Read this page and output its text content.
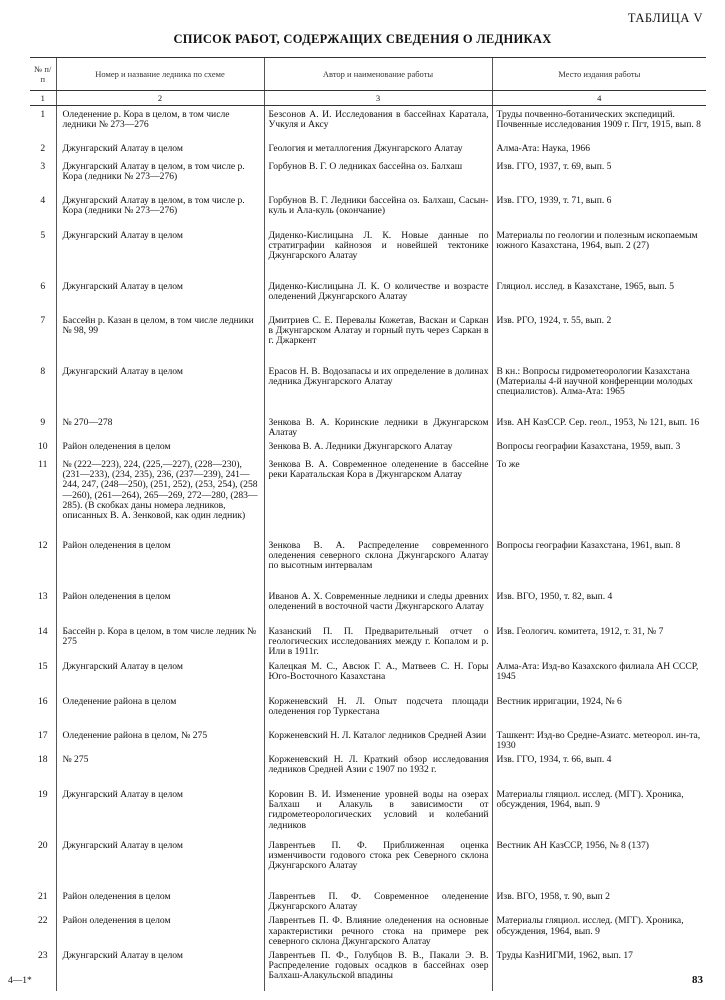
ТАБЛИЦА V
СПИСОК РАБОТ, СОДЕРЖАЩИХ СВЕДЕНИЯ О ЛЕДНИКАХ
№ п/п	Номер и название ледника по схеме	Автор и наименование работы	Место издания работы
1	2	3	4
1	Оледенение р. Кора в целом, в том числе ледники № 273—276	Безсонов А. И. Исследования в бассейнах Каратала, Учкуля и Аксу	Труды почвенно-ботанических экспедиций. Почвенные исследования 1909 г. Пгт, 1915, вып. 8
2	Джунгарский Алатау в целом	Геология и металлогения Джунгарского Алатау	Алма-Ата: Наука, 1966
3	Джунгарский Алатау в целом, в том числе р. Кора (ледники № 273—276)	Горбунов В. Г. О ледниках бассейна оз. Балхаш	Изв. ГГО, 1937, т. 69, вып. 5
4	Джунгарский Алатау в целом, в том числе р. Кора (ледники № 273—276)	Горбунов В. Г. Ледники бассейна оз. Балхаш, Сасын-куль и Ала-куль (окончание)	Изв. ГГО, 1939, т. 71, вып. 6
5	Джунгарский Алатау в целом	Диденко-Кислицына Л. К. Новые данные по стратиграфии кайнозоя и новейшей тектонике Джунгарского Алатау	Материалы по геологии и полезным ископаемым южного Казахстана, 1964, вып. 2 (27)
6	Джунгарский Алатау в целом	Диденко-Кислицына Л. К. О количестве и возрасте оледенений Джунгарского Алатау	Гляциол. исслед. в Казахстане, 1965, вып. 5
7	Бассейн р. Казан в целом, в том числе ледники № 98, 99	Дмитриев С. Е. Перевалы Кожетав, Васкан и Саркан в Джунгарском Алатау и горный путь через Саркан в г. Джаркент	Изв. РГО, 1924, т. 55, вып. 2
8	Джунгарский Алатау в целом	Ерасов Н. В. Водозапасы и их определение в долинах ледника Джунгарского Алатау	В кн.: Вопросы гидрометеорологии Казахстана (Материалы 4-й научной конференции молодых специалистов). Алма-Ата: 1965
9	№ 270—278	Зенкова В. А. Коринские ледники в Джунгарском Алатау	Изв. АН КазССР. Сер. геол., 1953, № 121, вып. 16
10	Район оледенения в целом	Зенкова В. А. Ледники Джунгарского Алатау	Вопросы географии Казахстана, 1959, вып. 3
11	№ (222—223), 224, (225,—227), (228—230), (231—233), (234, 235), 236, (237—239), 241—244, 247, (248—250), (251, 252), (253, 254), (258—260), (261—264), 265—269, 272—280, (283—285). (В скобках даны номера ледников, описанных В. А. Зенковой, как один ледник)	Зенкова В. А. Современное оледенение в бассейне реки Каратальская Кора в Джунгарском Алатау	То же
12	Район оледенения в целом	Зенкова В. А. Распределение современного оледенения северного склона Джунгарского Алатау по высотным интервалам	Вопросы географии Казахстана, 1961, вып. 8
13	Район оледенения в целом	Иванов А. Х. Современные ледники и следы древних оледенений в восточной части Джунгарского Алатау	Изв. ВГО, 1950, т. 82, вып. 4
14	Бассейн р. Кора в целом, в том числе ледник № 275	Казанский П. П. Предварительный отчет о геологических исследованиях между г. Копалом и р. Или в 1911г.	Изв. Геологич. комитета, 1912, т. 31, № 7
15	Джунгарский Алатау в целом	Калецкая М. С., Авсюк Г. А., Матвеев С. Н. Горы Юго-Восточного Казахстана	Алма-Ата: Изд-во Казахского филиала АН СССР, 1945
16	Оледенение района в целом	Корженевский Н. Л. Опыт подсчета площади оледенения гор Туркестана	Вестник ирригации, 1924, № 6
17	Оледенение района в целом, № 275	Корженевский Н. Л. Каталог ледников Средней Азии	Ташкент: Изд-во Средне-Азиатс. метеорол. ин-та, 1930
18	№ 275	Корженевский Н. Л. Краткий обзор исследования ледников Средней Азии с 1907 по 1932 г.	Изв. ГГО, 1934, т. 66, вып. 4
19	Джунгарский Алатау в целом	Коровин В. И. Изменение уровней воды на озерах Балхаш и Алакуль в зависимости от гидрометеорологических условий и колебаний ледников	Материалы гляциол. исслед. (МГГ). Хроника, обсуждения, 1964, вып. 9
20	Джунгарский Алатау в целом	Лаврентьев П. Ф. Приближенная оценка изменчивости годового стока рек Северного склона Джунгарского Алатау	Вестник АН КазССР, 1956, № 8 (137)
21	Район оледенения в целом	Лаврентьев П. Ф. Современное оледенение Джунгарского Алатау	Изв. ВГО, 1958, т. 90, вып 2
22	Район оледенения в целом	Лаврентьев П. Ф. Влияние оледенения на основные характеристики речного стока на примере рек северного склона Джунгарского Алатау	Материалы гляциол. исслед. (МГГ). Хроника, обсуждения, 1964, вып. 9
23	Джунгарский Алатау в целом	Лаврентьев П. Ф., Голубцов В. В., Пакали Э. В. Распределение годовых осадков в бассейнах озер Балхаш-Алакульской впадины	Труды КазНИГМИ, 1962, вып. 17
4—1*	83
